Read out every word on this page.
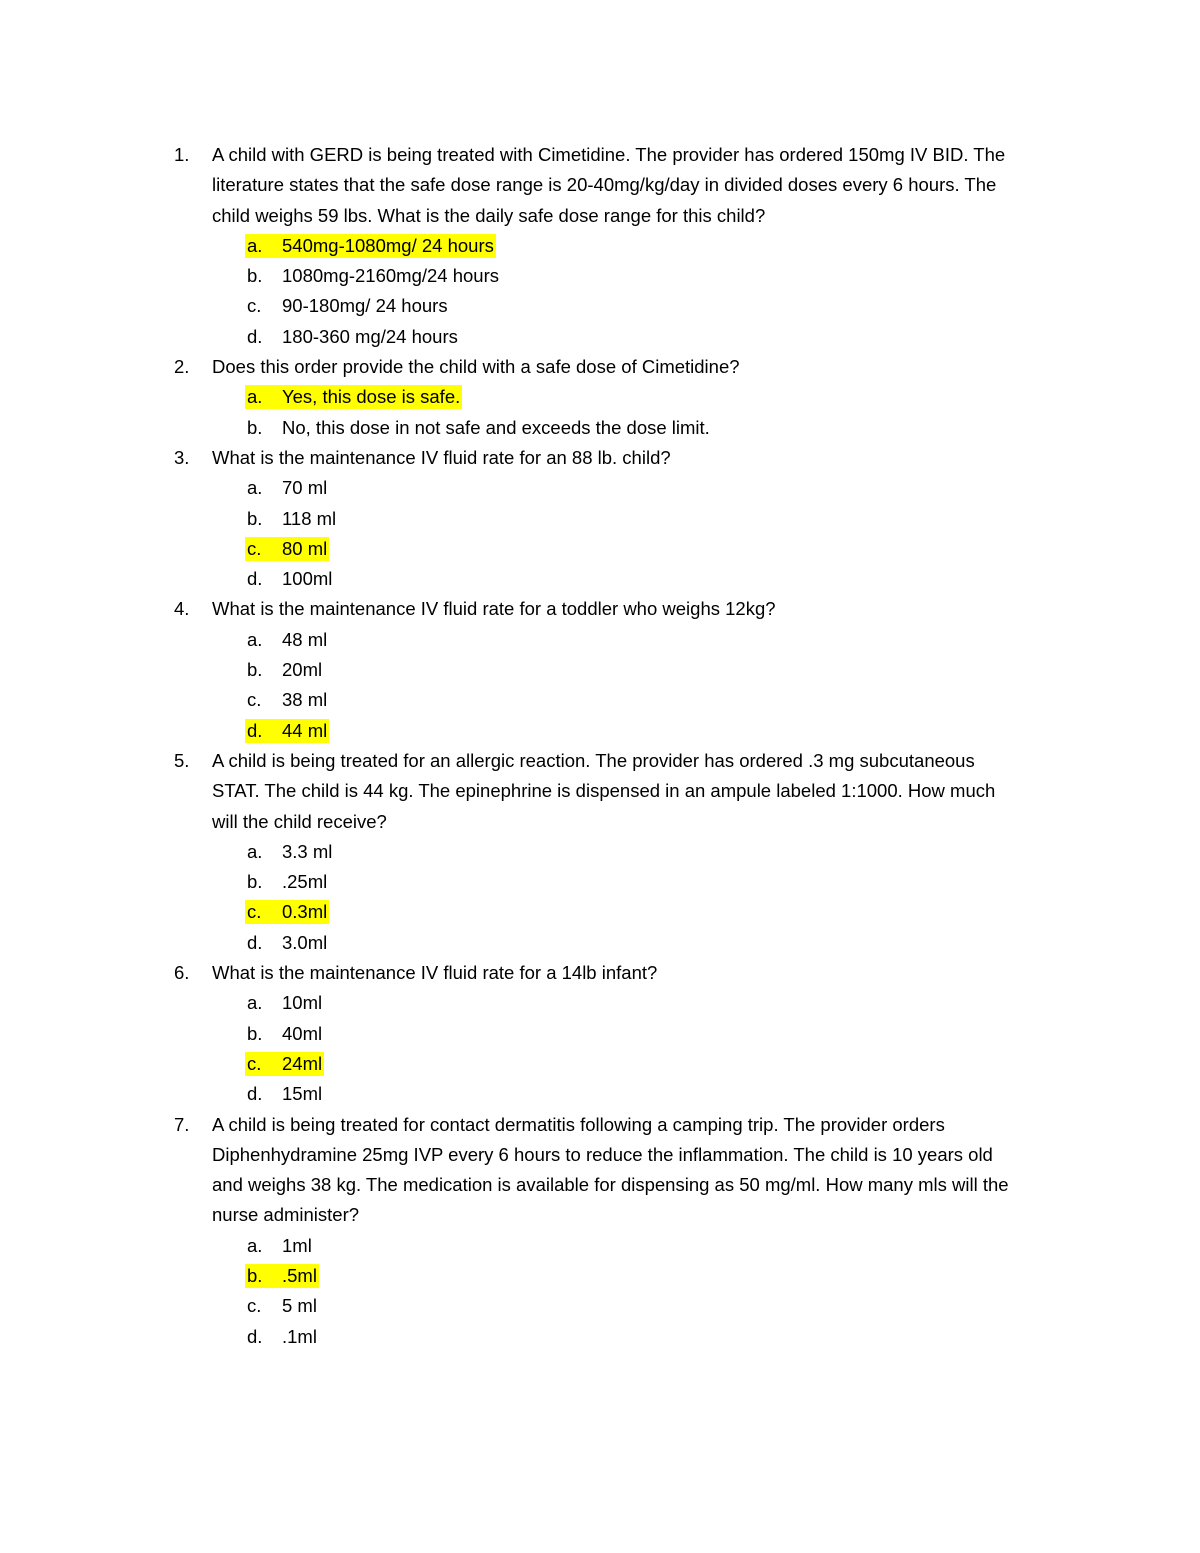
1. A child with GERD is being treated with Cimetidine. The provider has ordered 150mg IV BID. The
literature states that the safe dose range is 20-40mg/kg/day in divided doses every 6 hours. The
child weighs 59 lbs. What is the daily safe dose range for this child?
a. 540mg-1080mg/ 24 hours
b. 1080mg-2160mg/24 hours
c. 90-180mg/ 24 hours
d. 180-360 mg/24 hours
2. Does this order provide the child with a safe dose of Cimetidine?
a. Yes, this dose is safe.
b. No, this dose in not safe and exceeds the dose limit.
3. What is the maintenance IV fluid rate for an 88 lb. child?
a. 70 ml
b. 118 ml
c. 80 ml
d. 100ml
4. What is the maintenance IV fluid rate for a toddler who weighs 12kg?
a. 48 ml
b. 20ml
c. 38 ml
d. 44 ml
5. A child is being treated for an allergic reaction. The provider has ordered .3 mg subcutaneous
STAT. The child is 44 kg. The epinephrine is dispensed in an ampule labeled 1:1000. How much
will the child receive?
a. 3.3 ml
b. .25ml
c. 0.3ml
d. 3.0ml
6. What is the maintenance IV fluid rate for a 14lb infant?
a. 10ml
b. 40ml
c. 24ml
d. 15ml
7. A child is being treated for contact dermatitis following a camping trip. The provider orders
Diphenhydramine 25mg IVP every 6 hours to reduce the inflammation. The child is 10 years old
and weighs 38 kg. The medication is available for dispensing as 50 mg/ml. How many mls will the
nurse administer?
a. 1ml
b. .5ml
c. 5 ml
d. .1ml
